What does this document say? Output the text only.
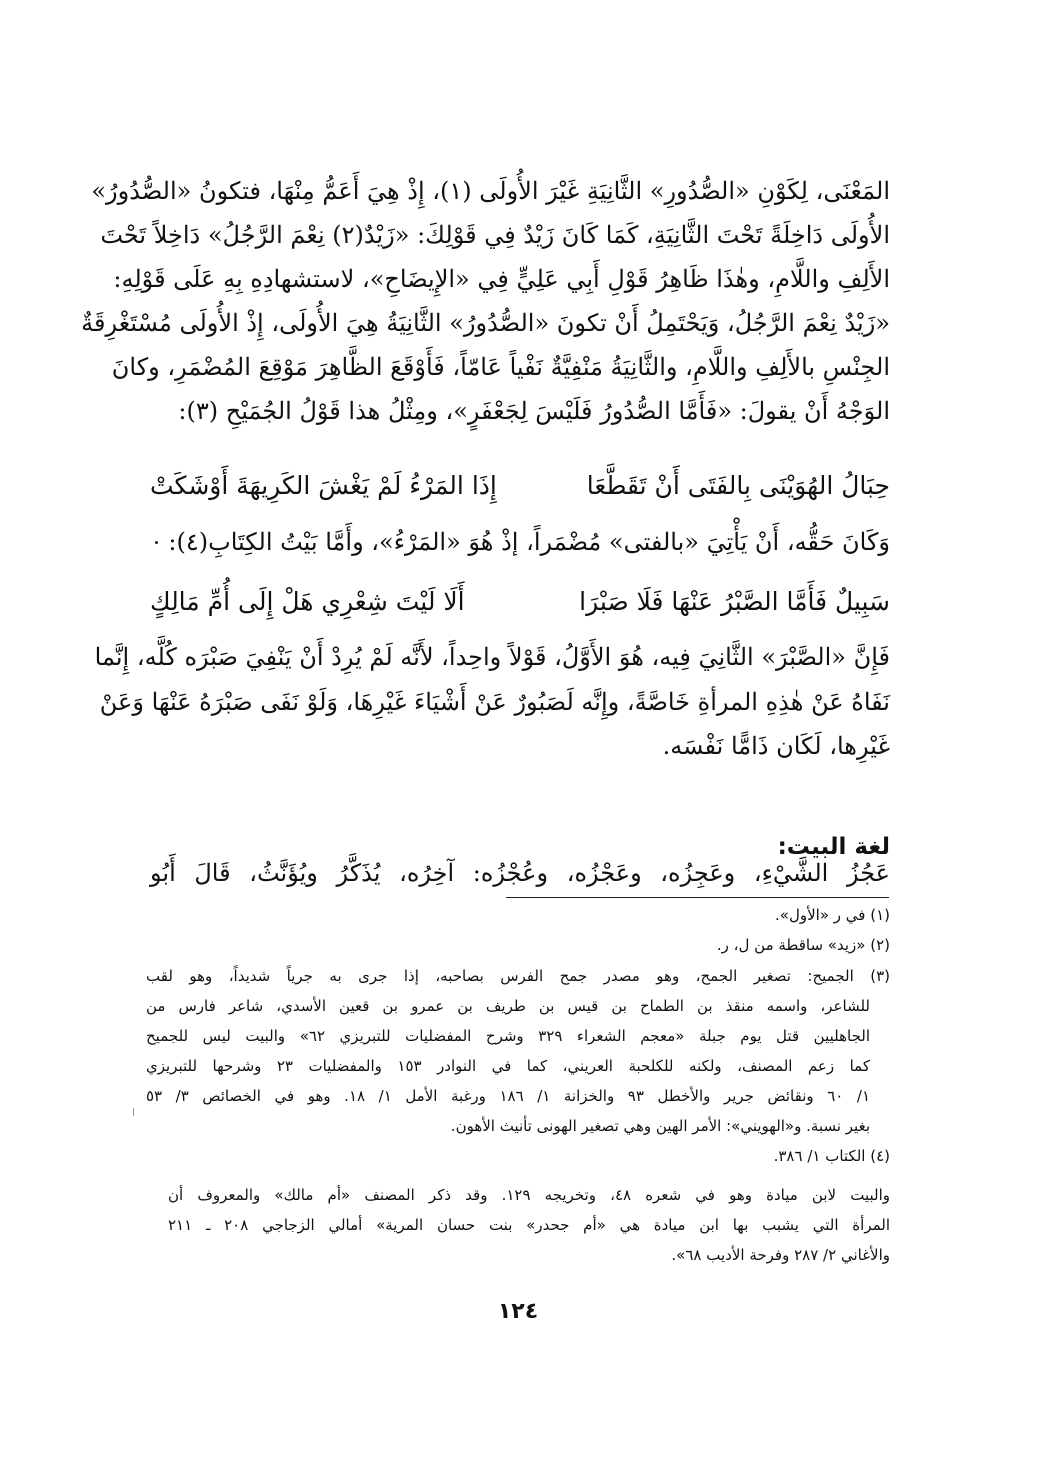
المَعْنَى، لِكَوْنِ «الصُّدُورِ» الثَّانِيَةِ غَيْرَ الأُولَى (١)، إِذْ هِيَ أَعَمُّ مِنْهَا، فتكونُ «الصُّدُورُ»
الأُولَى دَاخِلَةً تَحْتَ الثَّانِيَةِ، كَمَا كَانَ زَيْدٌ فِي قَوْلِكَ: «زَيْدٌ(٢) نِعْمَ الرَّجُلُ» دَاخِلاً تَحْتَ
الأَلِفِ واللَّامِ، وهٰذَا ظَاهِرُ قَوْلِ أَبِي عَلِيٍّ فِي «الإِيضَاحِ»، لاستشهادِهِ بِهِ عَلَى قَوْلِهِ:
«زَيْدٌ نِعْمَ الرَّجُلُ، وَيَحْتَمِلُ أَنْ تكونَ «الصُّدُورُ» الثَّانِيَةُ هِيَ الأُولَى، إِذْ الأُولَى مُسْتَغْرِقَةٌ
الجِنْسِ بالأَلِفِ واللَّامِ، والثَّانِيَةُ مَنْفِيَّةٌ نَفْياً عَامّاً، فَأَوْقَعَ الظَّاهِرَ مَوْقِعَ المُضْمَرِ، وكانَ
الوَجْهُ أَنْ يقولَ: «فَأَمَّا الصُّدُورُ فَلَيْسَ لِجَعْفَرٍ»، ومِثْلُ هذا قَوْلُ الجُمَيْحِ (٣):
حِبَالُ الهُوَيْنَى بِالفَتَى أَنْ تَقَطَّعَا
إِذَا المَرْءُ لَمْ يَغْشَ الكَرِيهَةَ أَوْشَكَتْ
وَكَانَ حَقُّه، أَنْ يَأْتِيَ «بالفتى» مُضْمَراً، إذْ هُوَ «المَرْءُ»، وأَمَّا بَيْتُ الكِتَابِ(٤):
سَبِيلٌ فَأَمَّا الصَّبْرُ عَنْهَا فَلَا صَبْرَا
أَلَا لَيْتَ شِعْرِي هَلْ إِلَى أُمِّ مَالِكٍ
فَإِنَّ «الصَّبْرَ» الثَّانِيَ فِيه، هُوَ الأَوَّلُ، قَوْلاً واحِداً، لأَنَّه لَمْ يُرِدْ أَنْ يَنْفِيَ صَبْرَه كُلَّه، إِنَّما
نَفَاهُ عَنْ هٰذِهِ المرأةِ خَاصَّةً، وإِنَّه لَصَبُورٌ عَنْ أَشْيَاءَ غَيْرِهَا، وَلَوْ نَفَى صَبْرَهُ عَنْهَا وَعَنْ
غَيْرِها، لَكَان ذَامًّا نَفْسَه.
لغة البيت:
عَجُزُ الشَّيْءِ، وعَجِزُه، وعَجْزُه، وعُجْزُه: آخِرُه، يُذَكَّرُ ويُؤَنَّثُ، قَالَ أَبُو
(١) في ر «الأول».
(٢) «زيد» ساقطة من ل، ر.
(٣) الجميح: تصغير الجمح، وهو مصدر جمح الفرس بصاحبه، إذا جرى به جرياً شديداً، وهو لقب
للشاعر، واسمه منقذ بن الطماح بن قيس بن طريف بن عمرو بن قعين الأسدي، شاعر فارس من
الجاهليين قتل يوم جبلة «معجم الشعراء ٣٢٩ وشرح المفضليات للتبريزي ٦٢» والبيت ليس للجميح
كما زعم المصنف، ولكنه للكلحبة العريني، كما في النوادر ١٥٣ والمفضليات ٢٣ وشرحها للتبريزي
١/ ٦٠ ونقائض جرير والأخطل ٩٣ والخزانة ١/ ١٨٦ ورغبة الأمل ١/ ١٨. وهو في الخصائص ٣/ ٥٣
بغير نسبة. و«الهويني»: الأمر الهين وهي تصغير الهونى تأنيث الأهون.
(٤) الكتاب ١/ ٣٨٦.
والبيت لابن ميادة وهو في شعره ٤٨، وتخريجه ١٢٩. وقد ذكر المصنف «أم مالك» والمعروف أن
المرأة التي يشبب بها ابن ميادة هي «أم جحدر» بنت حسان المرية» أمالي الزجاجي ٢٠٨ ـ ٢١١
والأغاني ٢/ ٢٨٧ وفرحة الأديب ٦٨».
١٢٤
